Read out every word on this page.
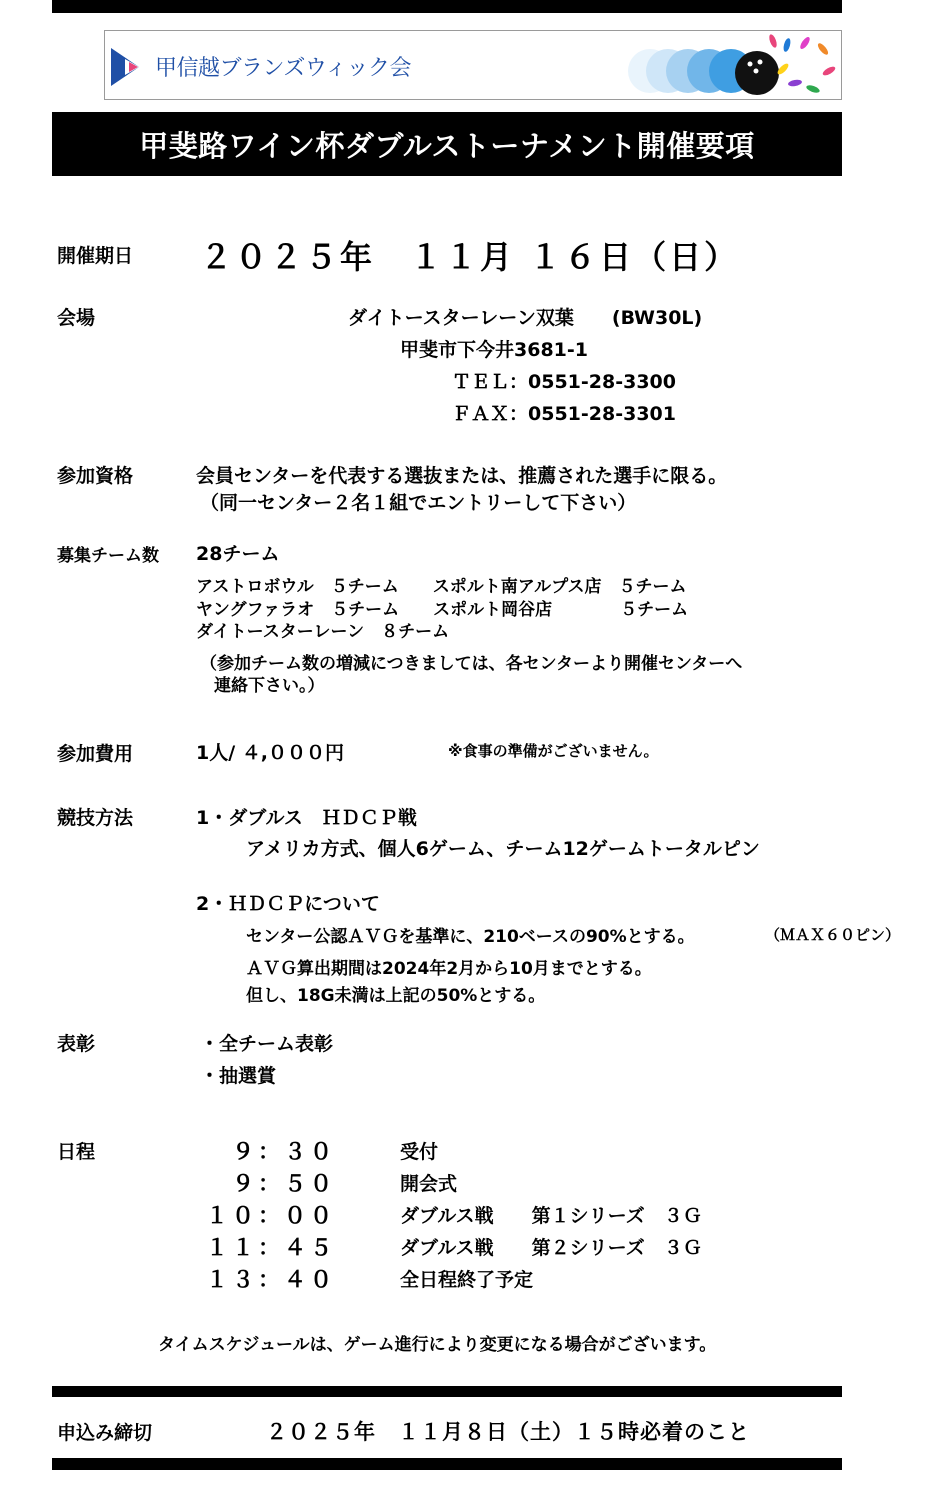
甲信越ブランズウィック会
甲斐路ワイン杯ダブルストーナメント開催要項
開催期日 ２０２５年　１１月 １６日（日）
会場	ダイトースターレーン双葉　　(BW30L)
甲斐市下今井3681-1
ＴＥＬ：0551-28-3300
ＦＡＸ：0551-28-3301
参加資格	会員センターを代表する選抜または、推薦された選手に限る。
（同一センター２名１組でエントリーして下さい）
募集チーム数 28チーム
アストロボウル　５チーム　　スポルト南アルプス店　５チーム
ヤングファラオ　５チーム　　スポルト岡谷店　　　　５チーム
ダイトースターレーン　８チーム
（参加チーム数の増減につきましては、各センターより開催センターへ
連絡下さい。）
参加費用	1人/ ４,０００円	※食事の準備がございません。
競技方法	1・ダブルス　ＨＤＣＰ戦
アメリカ方式、個人6ゲーム、チーム12ゲームトータルピン
2・ＨＤＣＰについて
センター公認ＡＶＧを基準に、210ベースの90%とする。	（ＭＡＸ６０ピン）
ＡＶＧ算出期間は2024年2月から10月までとする。
但し、18G未満は上記の50%とする。
表彰	・全チーム表彰
・抽選賞
日程	９：３０	受付
９：５０	開会式
１０：００	ダブルス戦　　第１シリーズ　３Ｇ
１１：４５	ダブルス戦　　第２シリーズ　３Ｇ
１３：４０	全日程終了予定
タイムスケジュールは、ゲーム進行により変更になる場合がございます。
申込み締切	２０２５年　１１月８日（土）１５時必着のこと
